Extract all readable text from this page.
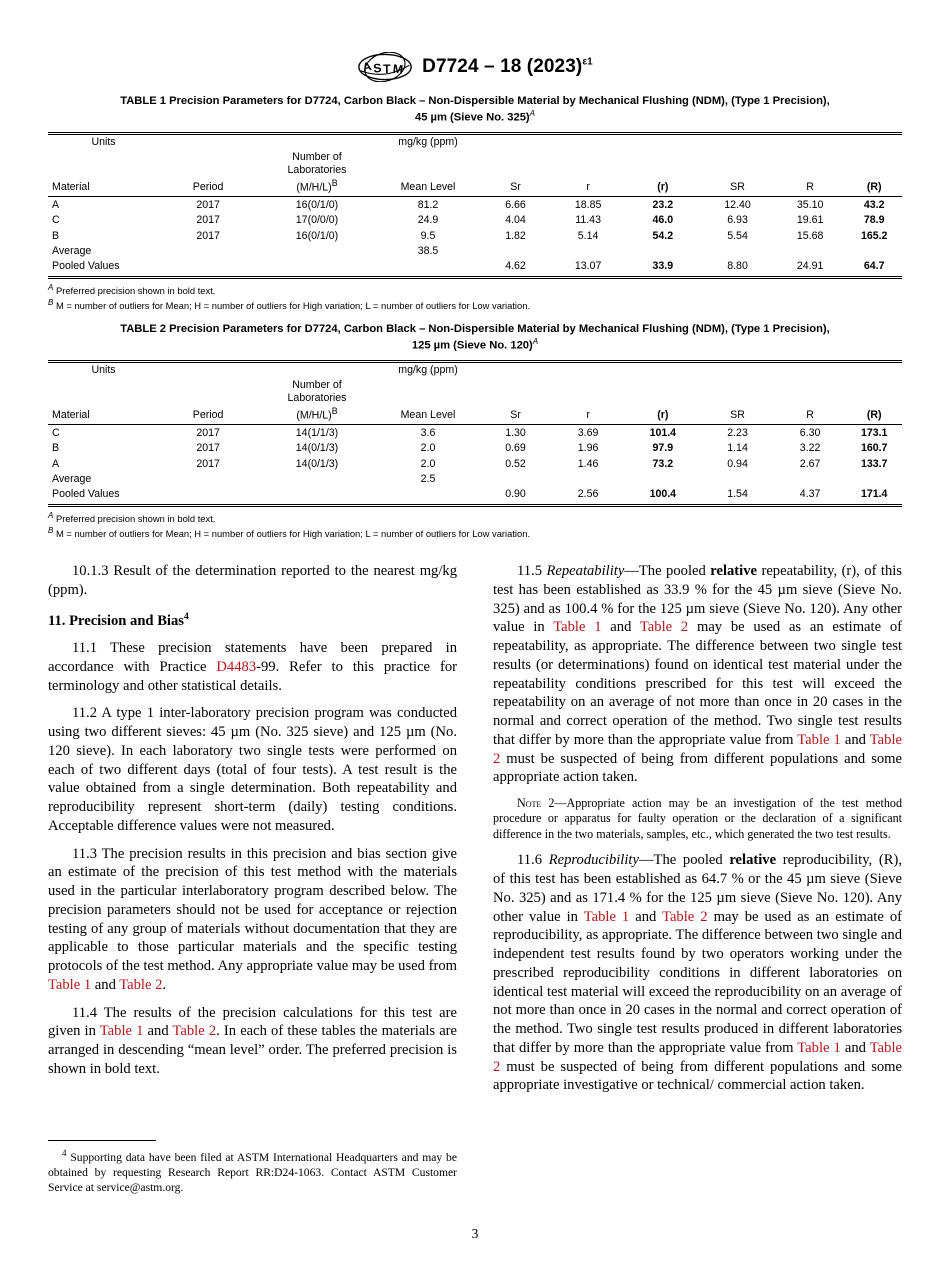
A S T M D7724 – 18 $(2023)^{\varepsilon 1}$
TABLE 1 Precision Parameters for D7724, Carbon Black – Non-Dispersible Material by Mechanical Flushing (NDM), (Type 1 Precision),
45 µm (Sieve No. 325)$^A$
Units			mg/kg (ppm)						
Material	Period	Number of
Laboratories
$(M/H/L)^B$	Mean Level	Sr	r	(r)	SR	R	(R)
A	2017	16(0/1/0)	81.2	6.66	18.85	23.2	12.40	35.10	43.2
C	2017	17(0/0/0)	24.9	4.04	11.43	46.0	6.93	19.61	78.9
B	2017	16(0/1/0)	9.5	1.82	5.14	54.2	5.54	15.68	165.2
Average			38.5						
Pooled Values				4.62	13.07	33.9	8.80	24.91	64.7
$^A$ Preferred precision shown in bold text.
$^B$ M = number of outliers for Mean; H = number of outliers for High variation; L = number of outliers for Low variation.
TABLE 2 Precision Parameters for D7724, Carbon Black – Non-Dispersible Material by Mechanical Flushing (NDM), (Type 1 Precision),
125 µm (Sieve No. 120)$^A$
Units			mg/kg (ppm)						
Material	Period	Number of
Laboratories
$(M/H/L)^B$	Mean Level	Sr	r	(r)	SR	R	(R)
C	2017	14(1/1/3)	3.6	1.30	3.69	101.4	2.23	6.30	173.1
B	2017	14(0/1/3)	2.0	0.69	1.96	97.9	1.14	3.22	160.7
A	2017	14(0/1/3)	2.0	0.52	1.46	73.2	0.94	2.67	133.7
Average			2.5						
Pooled Values				0.90	2.56	100.4	1.54	4.37	171.4
$^A$ Preferred precision shown in bold text.
$^B$ M = number of outliers for Mean; H = number of outliers for High variation; L = number of outliers for Low variation.

10.1.3 Result of the determination reported to the nearest mg/kg (ppm).

11. Precision and Bias$^4$

11.1 These precision statements have been prepared in accordance with Practice D4483-99. Refer to this practice for terminology and other statistical details.

11.2 A type 1 inter-laboratory precision program was conducted using two different sieves: 45 µm (No. 325 sieve) and 125 µm (No. 120 sieve). In each laboratory two single tests were performed on each of two different days (total of four tests). A test result is the value obtained from a single determination. Both repeatability and reproducibility represent short-term (daily) testing conditions. Acceptable difference values were not measured.

11.3 The precision results in this precision and bias section give an estimate of the precision of this test method with the materials used in the particular interlaboratory program described below. The precision parameters should not be used for acceptance or rejection testing of any group of materials without documentation that they are applicable to those particular materials and the specific testing protocols of the test method. Any appropriate value may be used from Table 1 and Table 2.

11.4 The results of the precision calculations for this test are given in Table 1 and Table 2. In each of these tables the materials are arranged in descending “mean level” order. The preferred precision is shown in bold text.

11.5 Repeatability—The pooled relative repeatability, (r), of this test has been established as 33.9 % for the 45 µm sieve (Sieve No. 325) and as 100.4 % for the 125 µm sieve (Sieve No. 120). Any other value in Table 1 and Table 2 may be used as an estimate of repeatability, as appropriate. The difference between two single test results (or determinations) found on identical test material under the repeatability conditions prescribed for this test will exceed the repeatability on an average of not more than once in 20 cases in the normal and correct operation of the method. Two single test results that differ by more than the appropriate value from Table 1 and Table 2 must be suspected of being from different populations and some appropriate action taken.

Note 2—Appropriate action may be an investigation of the test method procedure or apparatus for faulty operation or the declaration of a significant difference in the two materials, samples, etc., which generated the two test results.

11.6 Reproducibility—The pooled relative reproducibility, (R), of this test has been established as 64.7 % or the 45 µm sieve (Sieve No. 325) and as 171.4 % for the 125 µm sieve (Sieve No. 120). Any other value in Table 1 and Table 2 may be used as an estimate of reproducibility, as appropriate. The difference between two single and independent test results found by two operators working under the prescribed reproducibility conditions in different laboratories on identical test material will exceed the reproducibility on an average of not more than once in 20 cases in the normal and correct operation of the method. Two single test results produced in different laboratories that differ by more than the appropriate value from Table 1 and Table 2 must be suspected of being from different populations and some appropriate investigative or technical/ commercial action taken.

$^4$ Supporting data have been filed at ASTM International Headquarters and may be obtained by requesting Research Report RR:D24-1063. Contact ASTM Customer Service at service@astm.org.

3
